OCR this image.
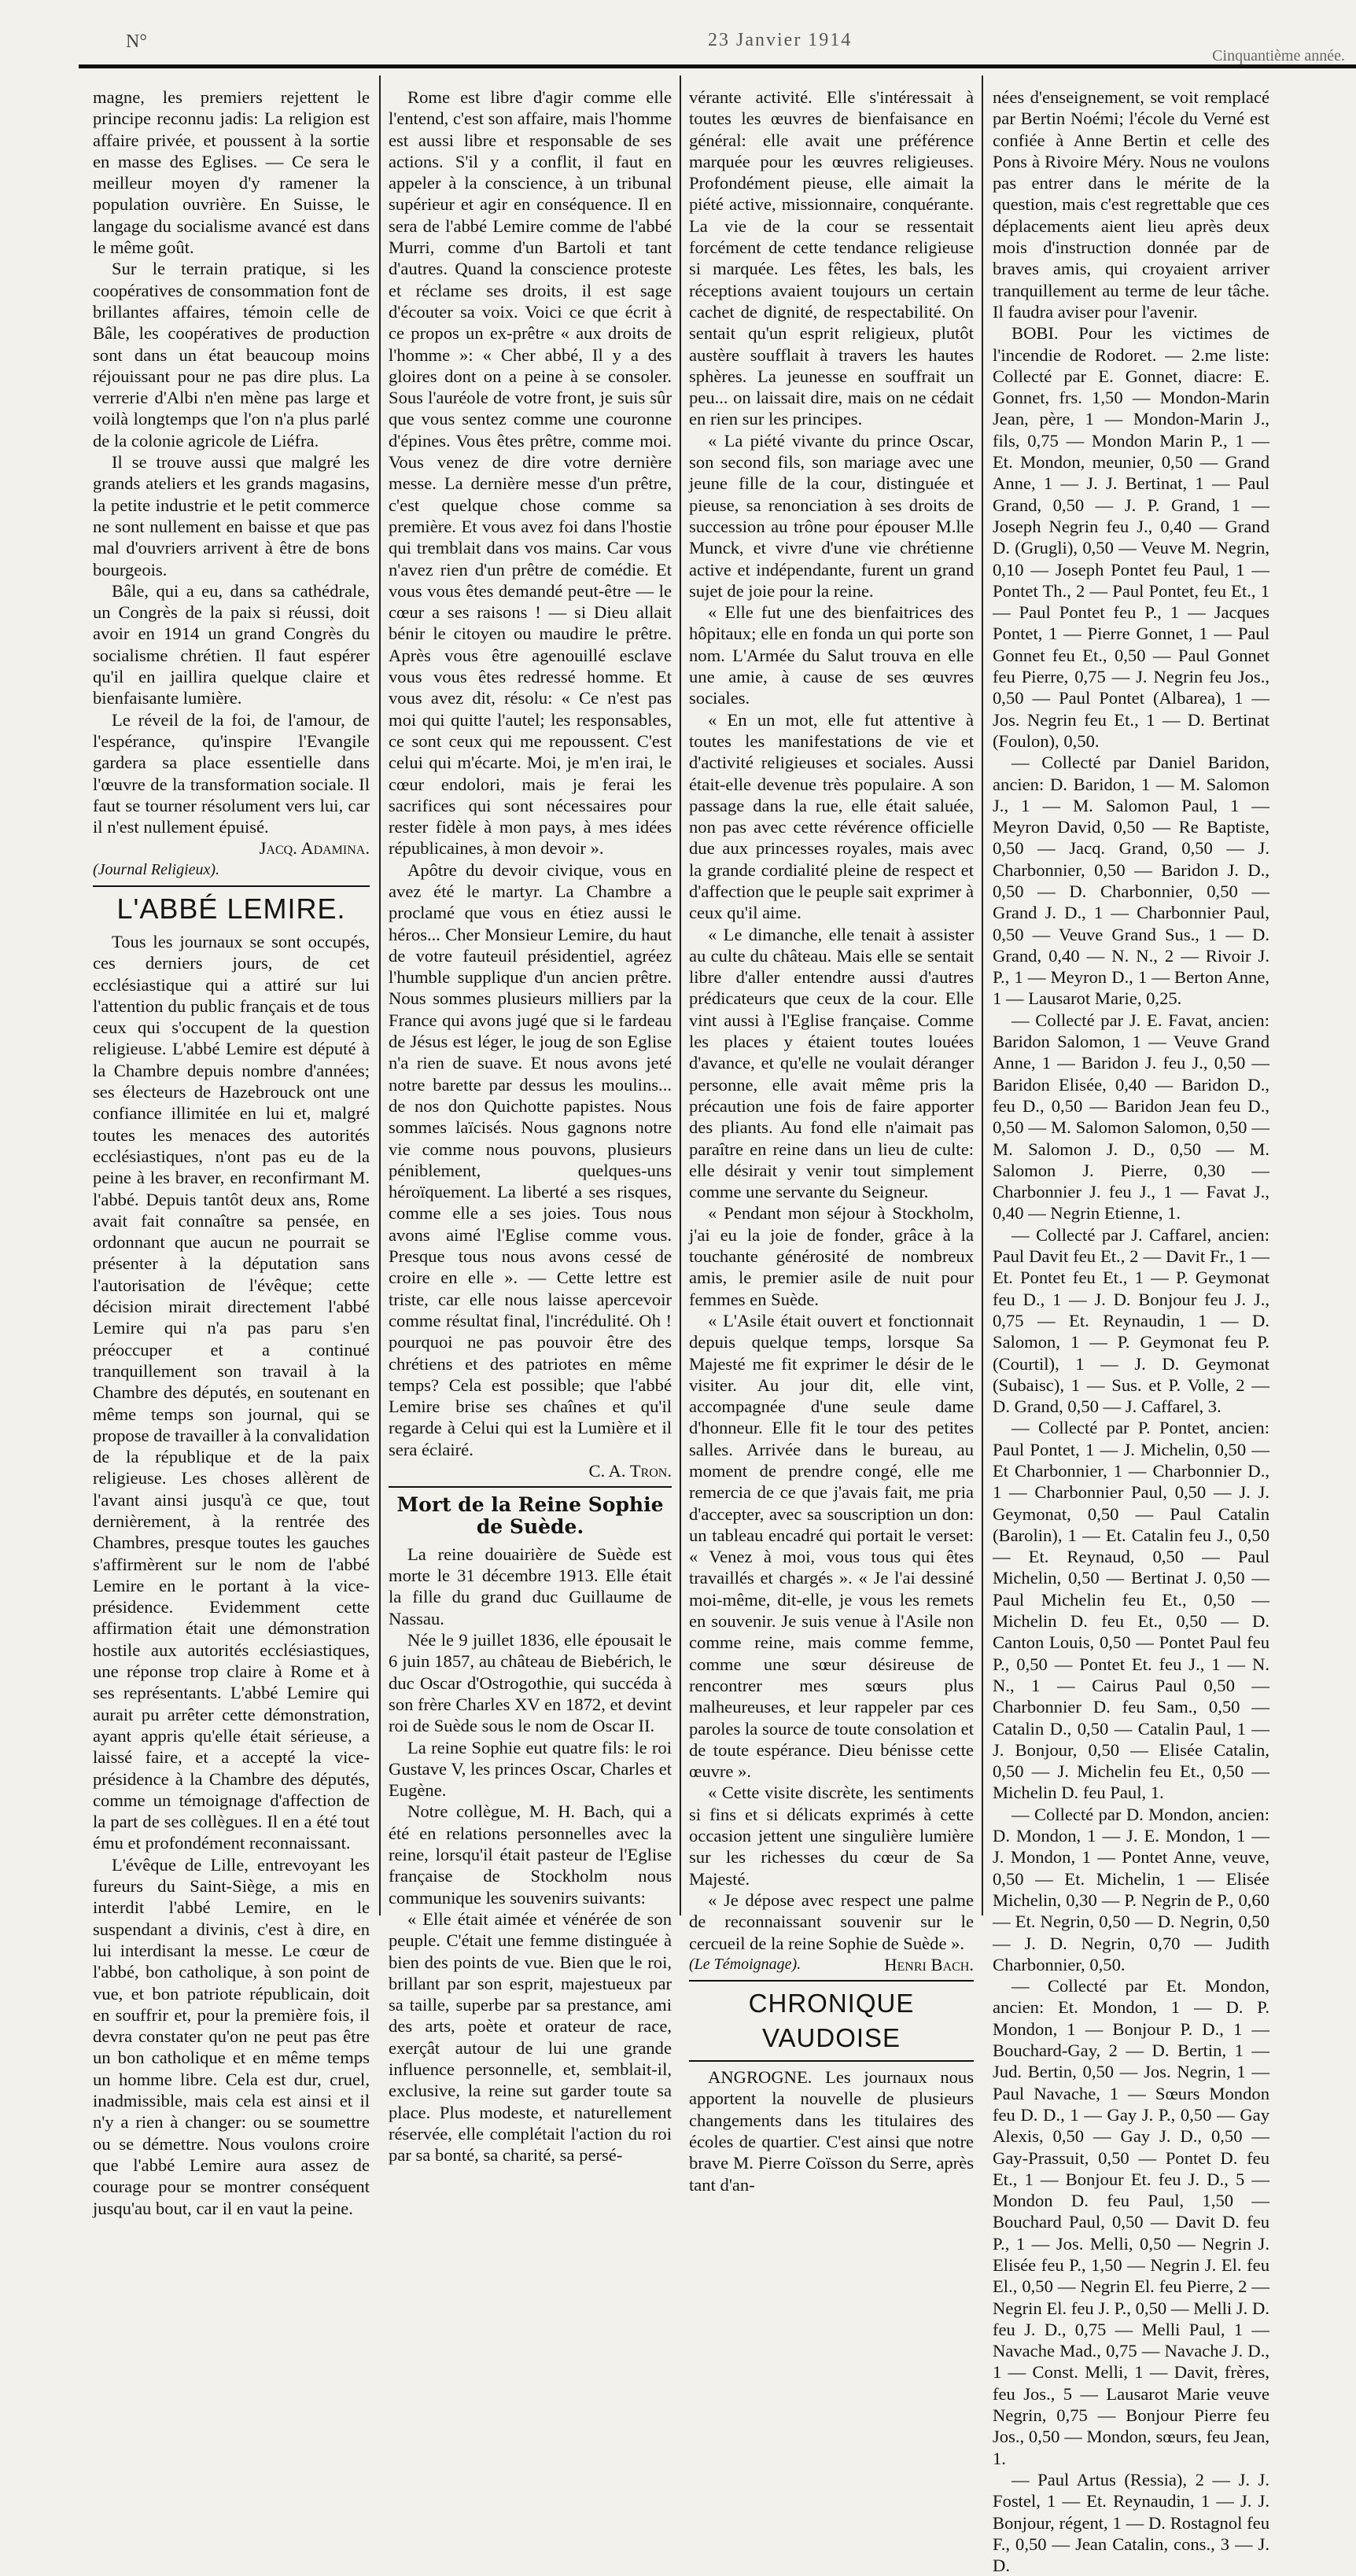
N°	23 Janvier 1914
Cinquantième année.

magne, les premiers rejettent le principe reconnu jadis: La religion est affaire privée, et poussent à la sortie en masse des Eglises. — Ce sera le meilleur moyen d'y ramener la population ouvrière. En Suisse, le langage du socialisme avancé est dans le même goût.

Sur le terrain pratique, si les coopératives de consommation font de brillantes affaires, témoin celle de Bâle, les coopératives de production sont dans un état beaucoup moins réjouissant pour ne pas dire plus. La verrerie d'Albi n'en mène pas large et voilà longtemps que l'on n'a plus parlé de la colonie agricole de Liéfra.

Il se trouve aussi que malgré les grands ateliers et les grands magasins, la petite industrie et le petit commerce ne sont nullement en baisse et que pas mal d'ouvriers arrivent à être de bons bourgeois.

Bâle, qui a eu, dans sa cathédrale, un Congrès de la paix si réussi, doit avoir en 1914 un grand Congrès du socialisme chrétien. Il faut espérer qu'il en jaillira quelque claire et bienfaisante lumière.

Le réveil de la foi, de l'amour, de l'espérance, qu'inspire l'Evangile gardera sa place essentielle dans l'œuvre de la transformation sociale. Il faut se tourner résolument vers lui, car il n'est nullement épuisé.

Jacq. Adamina.
(Journal Religieux).
L'ABBÉ LEMIRE.

Tous les journaux se sont occupés, ces derniers jours, de cet ecclésiastique qui a attiré sur lui l'attention du public français et de tous ceux qui s'occupent de la question religieuse. L'abbé Lemire est député à la Chambre depuis nombre d'années; ses électeurs de Hazebrouck ont une confiance illimitée en lui et, malgré toutes les menaces des autorités ecclésiastiques, n'ont pas eu de la peine à les braver, en reconfirmant M. l'abbé. Depuis tantôt deux ans, Rome avait fait connaître sa pensée, en ordonnant que aucun ne pourrait se présenter à la députation sans l'autorisation de l'évêque; cette décision mirait directement l'abbé Lemire qui n'a pas paru s'en préoccuper et a continué tranquillement son travail à la Chambre des députés, en soutenant en même temps son journal, qui se propose de travailler à la convalidation de la république et de la paix religieuse. Les choses allèrent de l'avant ainsi jusqu'à ce que, tout dernièrement, à la rentrée des Chambres, presque toutes les gauches s'affirmèrent sur le nom de l'abbé Lemire en le portant à la vice-présidence. Evidemment cette affirmation était une démonstration hostile aux autorités ecclésiastiques, une réponse trop claire à Rome et à ses représentants. L'abbé Lemire qui aurait pu arrêter cette démonstration, ayant appris qu'elle était sérieuse, a laissé faire, et a accepté la vice-présidence à la Chambre des députés, comme un témoignage d'affection de la part de ses collègues. Il en a été tout ému et profondément reconnaissant.

L'évêque de Lille, entrevoyant les fureurs du Saint-Siège, a mis en interdit l'abbé Lemire, en le suspendant a divinis, c'est à dire, en lui interdisant la messe. Le cœur de l'abbé, bon catholique, à son point de vue, et bon patriote républicain, doit en souffrir et, pour la première fois, il devra constater qu'on ne peut pas être un bon catholique et en même temps un homme libre. Cela est dur, cruel, inadmissible, mais cela est ainsi et il n'y a rien à changer: ou se soumettre ou se démettre. Nous voulons croire que l'abbé Lemire aura assez de courage pour se montrer conséquent jusqu'au bout, car il en vaut la peine.

Rome est libre d'agir comme elle l'entend, c'est son affaire, mais l'homme est aussi libre et responsable de ses actions. S'il y a conflit, il faut en appeler à la conscience, à un tribunal supérieur et agir en conséquence. Il en sera de l'abbé Lemire comme de l'abbé Murri, comme d'un Bartoli et tant d'autres. Quand la conscience proteste et réclame ses droits, il est sage d'écouter sa voix. Voici ce que écrit à ce propos un ex-prêtre « aux droits de l'homme »: « Cher abbé, Il y a des gloires dont on a peine à se consoler. Sous l'auréole de votre front, je suis sûr que vous sentez comme une couronne d'épines. Vous êtes prêtre, comme moi. Vous venez de dire votre dernière messe. La dernière messe d'un prêtre, c'est quelque chose comme sa première. Et vous avez foi dans l'hostie qui tremblait dans vos mains. Car vous n'avez rien d'un prêtre de comédie. Et vous vous êtes demandé peut-être — le cœur a ses raisons ! — si Dieu allait bénir le citoyen ou maudire le prêtre. Après vous être agenouillé esclave vous vous êtes redressé homme. Et vous avez dit, résolu: « Ce n'est pas moi qui quitte l'autel; les responsables, ce sont ceux qui me repoussent. C'est celui qui m'écarte. Moi, je m'en irai, le cœur endolori, mais je ferai les sacrifices qui sont nécessaires pour rester fidèle à mon pays, à mes idées républicaines, à mon devoir ».

Apôtre du devoir civique, vous en avez été le martyr. La Chambre a proclamé que vous en étiez aussi le héros... Cher Monsieur Lemire, du haut de votre fauteuil présidentiel, agréez l'humble supplique d'un ancien prêtre. Nous sommes plusieurs milliers par la France qui avons jugé que si le fardeau de Jésus est léger, le joug de son Eglise n'a rien de suave. Et nous avons jeté notre barette par dessus les moulins... de nos don Quichotte papistes. Nous sommes laïcisés. Nous gagnons notre vie comme nous pouvons, plusieurs péniblement, quelques-uns héroïquement. La liberté a ses risques, comme elle a ses joies. Tous nous avons aimé l'Eglise comme vous. Presque tous nous avons cessé de croire en elle ». — Cette lettre est triste, car elle nous laisse apercevoir comme résultat final, l'incrédulité. Oh ! pourquoi ne pas pouvoir être des chrétiens et des patriotes en même temps? Cela est possible; que l'abbé Lemire brise ses chaînes et qu'il regarde à Celui qui est la Lumière et il sera éclairé.

C. A. Tron.
Mort de la Reine Sophie de Suède.

La reine douairière de Suède est morte le 31 décembre 1913. Elle était la fille du grand duc Guillaume de Nassau.

Née le 9 juillet 1836, elle épousait le 6 juin 1857, au château de Biebérich, le duc Oscar d'Ostrogothie, qui succéda à son frère Charles XV en 1872, et devint roi de Suède sous le nom de Oscar II.

La reine Sophie eut quatre fils: le roi Gustave V, les princes Oscar, Charles et Eugène.

Notre collègue, M. H. Bach, qui a été en relations personnelles avec la reine, lorsqu'il était pasteur de l'Eglise française de Stockholm nous communique les souvenirs suivants:

« Elle était aimée et vénérée de son peuple. C'était une femme distinguée à bien des points de vue. Bien que le roi, brillant par son esprit, majestueux par sa taille, superbe par sa prestance, ami des arts, poète et orateur de race, exerçât autour de lui une grande influence personnelle, et, semblait-il, exclusive, la reine sut garder toute sa place. Plus modeste, et naturellement réservée, elle complétait l'action du roi par sa bonté, sa charité, sa persé-

vérante activité. Elle s'intéressait à toutes les œuvres de bienfaisance en général: elle avait une préférence marquée pour les œuvres religieuses. Profondément pieuse, elle aimait la piété active, missionnaire, conquérante. La vie de la cour se ressentait forcément de cette tendance religieuse si marquée. Les fêtes, les bals, les réceptions avaient toujours un certain cachet de dignité, de respectabilité. On sentait qu'un esprit religieux, plutôt austère soufflait à travers les hautes sphères. La jeunesse en souffrait un peu... on laissait dire, mais on ne cédait en rien sur les principes.

« La piété vivante du prince Oscar, son second fils, son mariage avec une jeune fille de la cour, distinguée et pieuse, sa renonciation à ses droits de succession au trône pour épouser M.lle Munck, et vivre d'une vie chrétienne active et indépendante, furent un grand sujet de joie pour la reine.

« Elle fut une des bienfaitrices des hôpitaux; elle en fonda un qui porte son nom. L'Armée du Salut trouva en elle une amie, à cause de ses œuvres sociales.

« En un mot, elle fut attentive à toutes les manifestations de vie et d'activité religieuses et sociales. Aussi était-elle devenue très populaire. A son passage dans la rue, elle était saluée, non pas avec cette révérence officielle due aux princesses royales, mais avec la grande cordialité pleine de respect et d'affection que le peuple sait exprimer à ceux qu'il aime.

« Le dimanche, elle tenait à assister au culte du château. Mais elle se sentait libre d'aller entendre aussi d'autres prédicateurs que ceux de la cour. Elle vint aussi à l'Eglise française. Comme les places y étaient toutes louées d'avance, et qu'elle ne voulait déranger personne, elle avait même pris la précaution une fois de faire apporter des pliants. Au fond elle n'aimait pas paraître en reine dans un lieu de culte: elle désirait y venir tout simplement comme une servante du Seigneur.

« Pendant mon séjour à Stockholm, j'ai eu la joie de fonder, grâce à la touchante générosité de nombreux amis, le premier asile de nuit pour femmes en Suède.

« L'Asile était ouvert et fonctionnait depuis quelque temps, lorsque Sa Majesté me fit exprimer le désir de le visiter. Au jour dit, elle vint, accompagnée d'une seule dame d'honneur. Elle fit le tour des petites salles. Arrivée dans le bureau, au moment de prendre congé, elle me remercia de ce que j'avais fait, me pria d'accepter, avec sa souscription un don: un tableau encadré qui portait le verset: « Venez à moi, vous tous qui êtes travaillés et chargés ». « Je l'ai dessiné moi-même, dit-elle, je vous les remets en souvenir. Je suis venue à l'Asile non comme reine, mais comme femme, comme une sœur désireuse de rencontrer mes sœurs plus malheureuses, et leur rappeler par ces paroles la source de toute consolation et de toute espérance. Dieu bénisse cette œuvre ».

« Cette visite discrète, les sentiments si fins et si délicats exprimés à cette occasion jettent une singulière lumière sur les richesses du cœur de Sa Majesté.

« Je dépose avec respect une palme de reconnaissant souvenir sur le cercueil de la reine Sophie de Suède ».

(Le Témoignage).	Henri Bach.
CHRONIQUE VAUDOISE

ANGROGNE. Les journaux nous apportent la nouvelle de plusieurs changements dans les titulaires des écoles de quartier. C'est ainsi que notre brave M. Pierre Coïsson du Serre, après tant d'an-

nées d'enseignement, se voit remplacé par Bertin Noémi; l'école du Verné est confiée à Anne Bertin et celle des Pons à Rivoire Méry. Nous ne voulons pas entrer dans le mérite de la question, mais c'est regrettable que ces déplacements aient lieu après deux mois d'instruction donnée par de braves amis, qui croyaient arriver tranquillement au terme de leur tâche. Il faudra aviser pour l'avenir.

BOBI. Pour les victimes de l'incendie de Rodoret. — 2.me liste: Collecté par E. Gonnet, diacre: E. Gonnet, frs. 1,50 — Mondon-Marin Jean, père, 1 — Mondon-Marin J., fils, 0,75 — Mondon Marin P., 1 — Et. Mondon, meunier, 0,50 — Grand Anne, 1 — J. J. Bertinat, 1 — Paul Grand, 0,50 — J. P. Grand, 1 — Joseph Negrin feu J., 0,40 — Grand D. (Grugli), 0,50 — Veuve M. Negrin, 0,10 — Joseph Pontet feu Paul, 1 — Pontet Th., 2 — Paul Pontet, feu Et., 1 — Paul Pontet feu P., 1 — Jacques Pontet, 1 — Pierre Gonnet, 1 — Paul Gonnet feu Et., 0,50 — Paul Gonnet feu Pierre, 0,75 — J. Negrin feu Jos., 0,50 — Paul Pontet (Albarea), 1 — Jos. Negrin feu Et., 1 — D. Bertinat (Foulon), 0,50.

— Collecté par Daniel Baridon, ancien: D. Baridon, 1 — M. Salomon J., 1 — M. Salomon Paul, 1 — Meyron David, 0,50 — Re Baptiste, 0,50 — Jacq. Grand, 0,50 — J. Charbonnier, 0,50 — Baridon J. D., 0,50 — D. Charbonnier, 0,50 — Grand J. D., 1 — Charbonnier Paul, 0,50 — Veuve Grand Sus., 1 — D. Grand, 0,40 — N. N., 2 — Rivoir J. P., 1 — Meyron D., 1 — Berton Anne, 1 — Lausarot Marie, 0,25.

— Collecté par J. E. Favat, ancien: Baridon Salomon, 1 — Veuve Grand Anne, 1 — Baridon J. feu J., 0,50 — Baridon Elisée, 0,40 — Baridon D., feu D., 0,50 — Baridon Jean feu D., 0,50 — M. Salomon Salomon, 0,50 — M. Salomon J. D., 0,50 — M. Salomon J. Pierre, 0,30 — Charbonnier J. feu J., 1 — Favat J., 0,40 — Negrin Etienne, 1.

— Collecté par J. Caffarel, ancien: Paul Davit feu Et., 2 — Davit Fr., 1 — Et. Pontet feu Et., 1 — P. Geymonat feu D., 1 — J. D. Bonjour feu J. J., 0,75 — Et. Reynaudin, 1 — D. Salomon, 1 — P. Geymonat feu P. (Courtil), 1 — J. D. Geymonat (Subaisc), 1 — Sus. et P. Volle, 2 — D. Grand, 0,50 — J. Caffarel, 3.

— Collecté par P. Pontet, ancien: Paul Pontet, 1 — J. Michelin, 0,50 — Et Charbonnier, 1 — Charbonnier D., 1 — Charbonnier Paul, 0,50 — J. J. Geymonat, 0,50 — Paul Catalin (Barolin), 1 — Et. Catalin feu J., 0,50 — Et. Reynaud, 0,50 — Paul Michelin, 0,50 — Bertinat J. 0,50 — Paul Michelin feu Et., 0,50 — Michelin D. feu Et., 0,50 — D. Canton Louis, 0,50 — Pontet Paul feu P., 0,50 — Pontet Et. feu J., 1 — N. N., 1 — Cairus Paul 0,50 — Charbonnier D. feu Sam., 0,50 — Catalin D., 0,50 — Catalin Paul, 1 — J. Bonjour, 0,50 — Elisée Catalin, 0,50 — J. Michelin feu Et., 0,50 — Michelin D. feu Paul, 1.

— Collecté par D. Mondon, ancien: D. Mondon, 1 — J. E. Mondon, 1 — J. Mondon, 1 — Pontet Anne, veuve, 0,50 — Et. Michelin, 1 — Elisée Michelin, 0,30 — P. Negrin de P., 0,60 — Et. Negrin, 0,50 — D. Negrin, 0,50 — J. D. Negrin, 0,70 — Judith Charbonnier, 0,50.

— Collecté par Et. Mondon, ancien: Et. Mondon, 1 — D. P. Mondon, 1 — Bonjour P. D., 1 — Bouchard-Gay, 2 — D. Bertin, 1 — Jud. Bertin, 0,50 — Jos. Negrin, 1 — Paul Navache, 1 — Sœurs Mondon feu D. D., 1 — Gay J. P., 0,50 — Gay Alexis, 0,50 — Gay J. D., 0,50 — Gay-Prassuit, 0,50 — Pontet D. feu Et., 1 — Bonjour Et. feu J. D., 5 — Mondon D. feu Paul, 1,50 — Bouchard Paul, 0,50 — Davit D. feu P., 1 — Jos. Melli, 0,50 — Negrin J. Elisée feu P., 1,50 — Negrin J. El. feu El., 0,50 — Negrin El. feu Pierre, 2 — Negrin El. feu J. P., 0,50 — Melli J. D. feu J. D., 0,75 — Melli Paul, 1 — Navache Mad., 0,75 — Navache J. D., 1 — Const. Melli, 1 — Davit, frères, feu Jos., 5 — Lausarot Marie veuve Negrin, 0,75 — Bonjour Pierre feu Jos., 0,50 — Mondon, sœurs, feu Jean, 1.

— Paul Artus (Ressia), 2 — J. J. Fostel, 1 — Et. Reynaudin, 1 — J. J. Bonjour, régent, 1 — D. Rostagnol feu F., 0,50 — Jean Catalin, cons., 3 — J. D.
